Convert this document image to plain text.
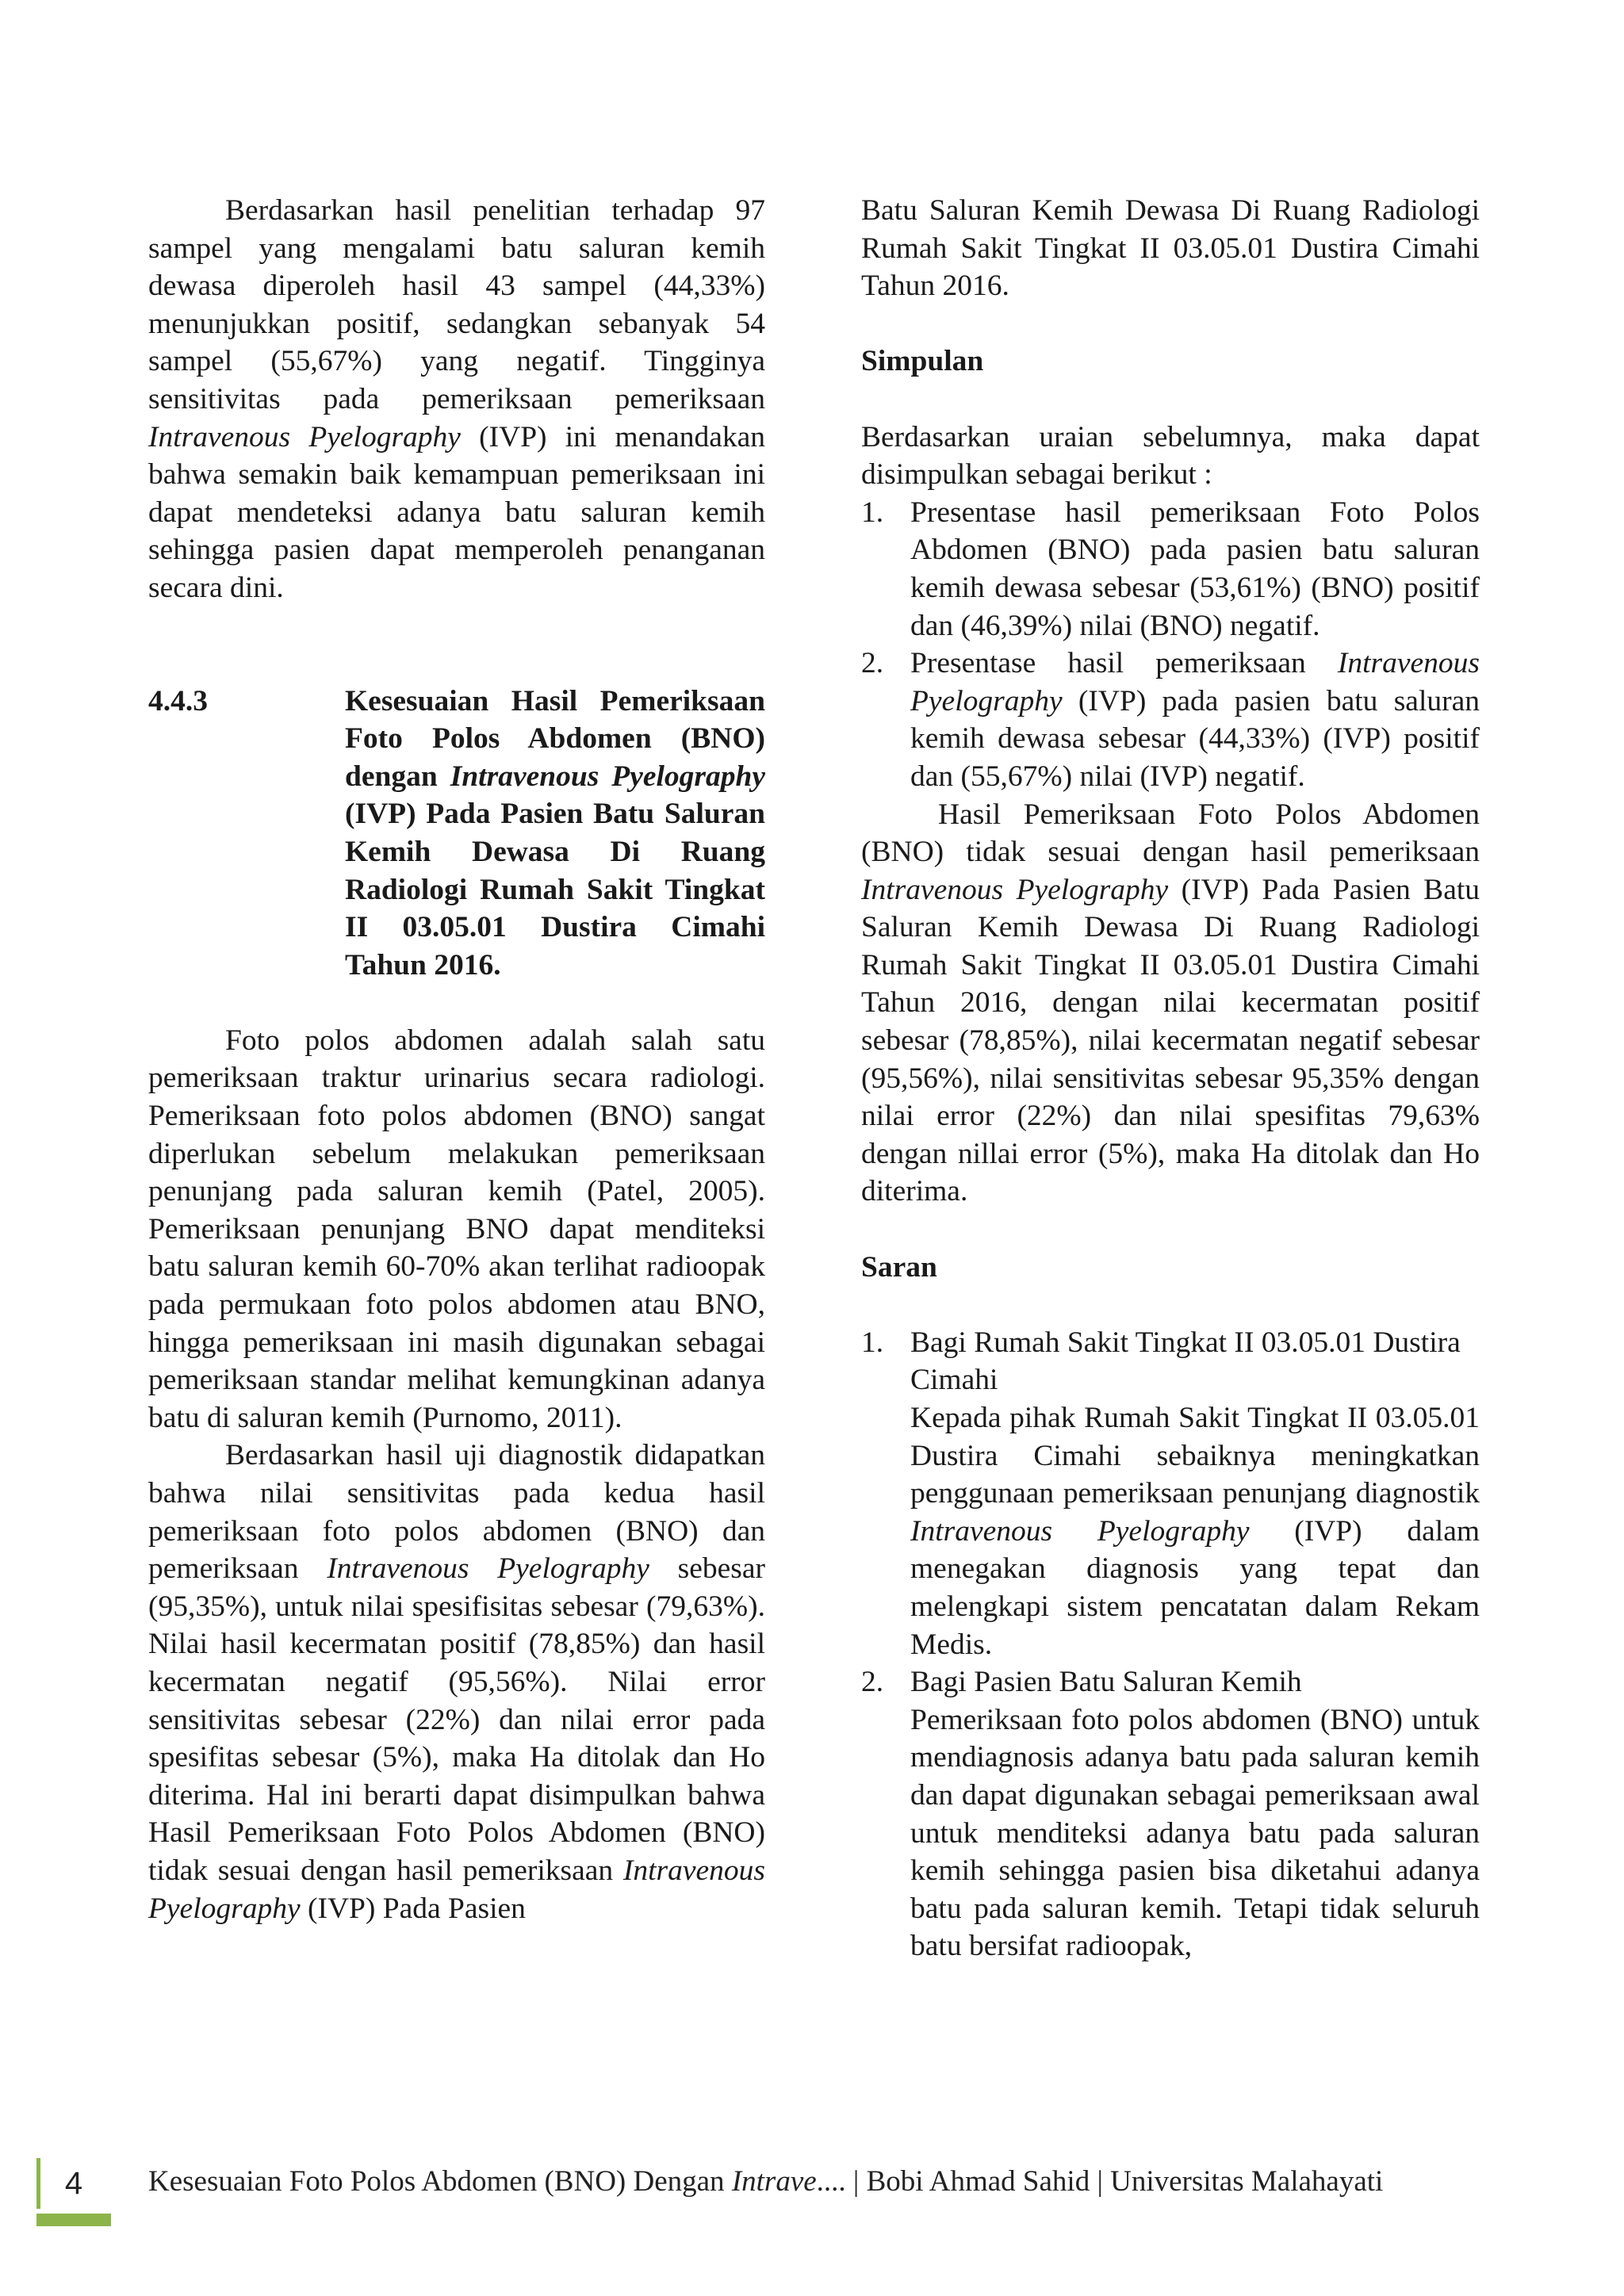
Berdasarkan hasil penelitian terhadap 97 sampel yang mengalami batu saluran kemih dewasa diperoleh hasil 43 sampel (44,33%) menunjukkan positif, sedangkan sebanyak 54 sampel (55,67%) yang negatif. Tingginya sensitivitas pada pemeriksaan pemeriksaan Intravenous Pyelography (IVP) ini menandakan bahwa semakin baik kemampuan pemeriksaan ini dapat mendeteksi adanya batu saluran kemih sehingga pasien dapat memperoleh penanganan secara dini.

4.4.3	Kesesuaian Hasil Pemeriksaan Foto Polos Abdomen (BNO) dengan Intravenous Pyelography (IVP) Pada Pasien Batu Saluran Kemih Dewasa Di Ruang Radiologi Rumah Sakit Tingkat II 03.05.01 Dustira Cimahi Tahun 2016.

Foto polos abdomen adalah salah satu pemeriksaan traktur urinarius secara radiologi. Pemeriksaan foto polos abdomen (BNO) sangat diperlukan sebelum melakukan pemeriksaan penunjang pada saluran kemih (Patel, 2005). Pemeriksaan penunjang BNO dapat menditeksi batu saluran kemih 60-70% akan terlihat radioopak pada permukaan foto polos abdomen atau BNO, hingga pemeriksaan ini masih digunakan sebagai pemeriksaan standar melihat kemungkinan adanya batu di saluran kemih (Purnomo, 2011).

Berdasarkan hasil uji diagnostik didapatkan bahwa nilai sensitivitas pada kedua hasil pemeriksaan foto polos abdomen (BNO) dan pemeriksaan Intravenous Pyelography sebesar (95,35%), untuk nilai spesifisitas sebesar (79,63%). Nilai hasil kecermatan positif (78,85%) dan hasil kecermatan negatif (95,56%). Nilai error sensitivitas sebesar (22%) dan nilai error pada spesifitas sebesar (5%), maka Ha ditolak dan Ho diterima. Hal ini berarti dapat disimpulkan bahwa Hasil Pemeriksaan Foto Polos Abdomen (BNO) tidak sesuai dengan hasil pemeriksaan Intravenous Pyelography (IVP) Pada Pasien

Batu Saluran Kemih Dewasa Di Ruang Radiologi Rumah Sakit Tingkat II 03.05.01 Dustira Cimahi Tahun 2016.

Simpulan

Berdasarkan uraian sebelumnya, maka dapat disimpulkan sebagai berikut :

1. Presentase hasil pemeriksaan Foto Polos Abdomen (BNO) pada pasien batu saluran kemih dewasa sebesar (53,61%) (BNO) positif dan (46,39%) nilai (BNO) negatif.
2. Presentase hasil pemeriksaan Intravenous Pyelography (IVP) pada pasien batu saluran kemih dewasa sebesar (44,33%) (IVP) positif dan (55,67%) nilai (IVP) negatif.

Hasil Pemeriksaan Foto Polos Abdomen (BNO) tidak sesuai dengan hasil pemeriksaan Intravenous Pyelography (IVP) Pada Pasien Batu Saluran Kemih Dewasa Di Ruang Radiologi Rumah Sakit Tingkat II 03.05.01 Dustira Cimahi Tahun 2016, dengan nilai kecermatan positif sebesar (78,85%), nilai kecermatan negatif sebesar (95,56%), nilai sensitivitas sebesar 95,35% dengan nilai error (22%) dan nilai spesifitas 79,63% dengan nillai error (5%), maka Ha ditolak dan Ho diterima.

Saran

1. Bagi Rumah Sakit Tingkat II 03.05.01 Dustira Cimahi
Kepada pihak Rumah Sakit Tingkat II 03.05.01 Dustira Cimahi sebaiknya meningkatkan penggunaan pemeriksaan penunjang diagnostik Intravenous Pyelography (IVP) dalam menegakan diagnosis yang tepat dan melengkapi sistem pencatatan dalam Rekam Medis.
2. Bagi Pasien Batu Saluran Kemih
Pemeriksaan foto polos abdomen (BNO) untuk mendiagnosis adanya batu pada saluran kemih dan dapat digunakan sebagai pemeriksaan awal untuk menditeksi adanya batu pada saluran kemih sehingga pasien bisa diketahui adanya batu pada saluran kemih. Tetapi tidak seluruh batu bersifat radioopak,
4	Kesesuaian Foto Polos Abdomen (BNO) Dengan Intrave.... | Bobi Ahmad Sahid | Universitas Malahayati
